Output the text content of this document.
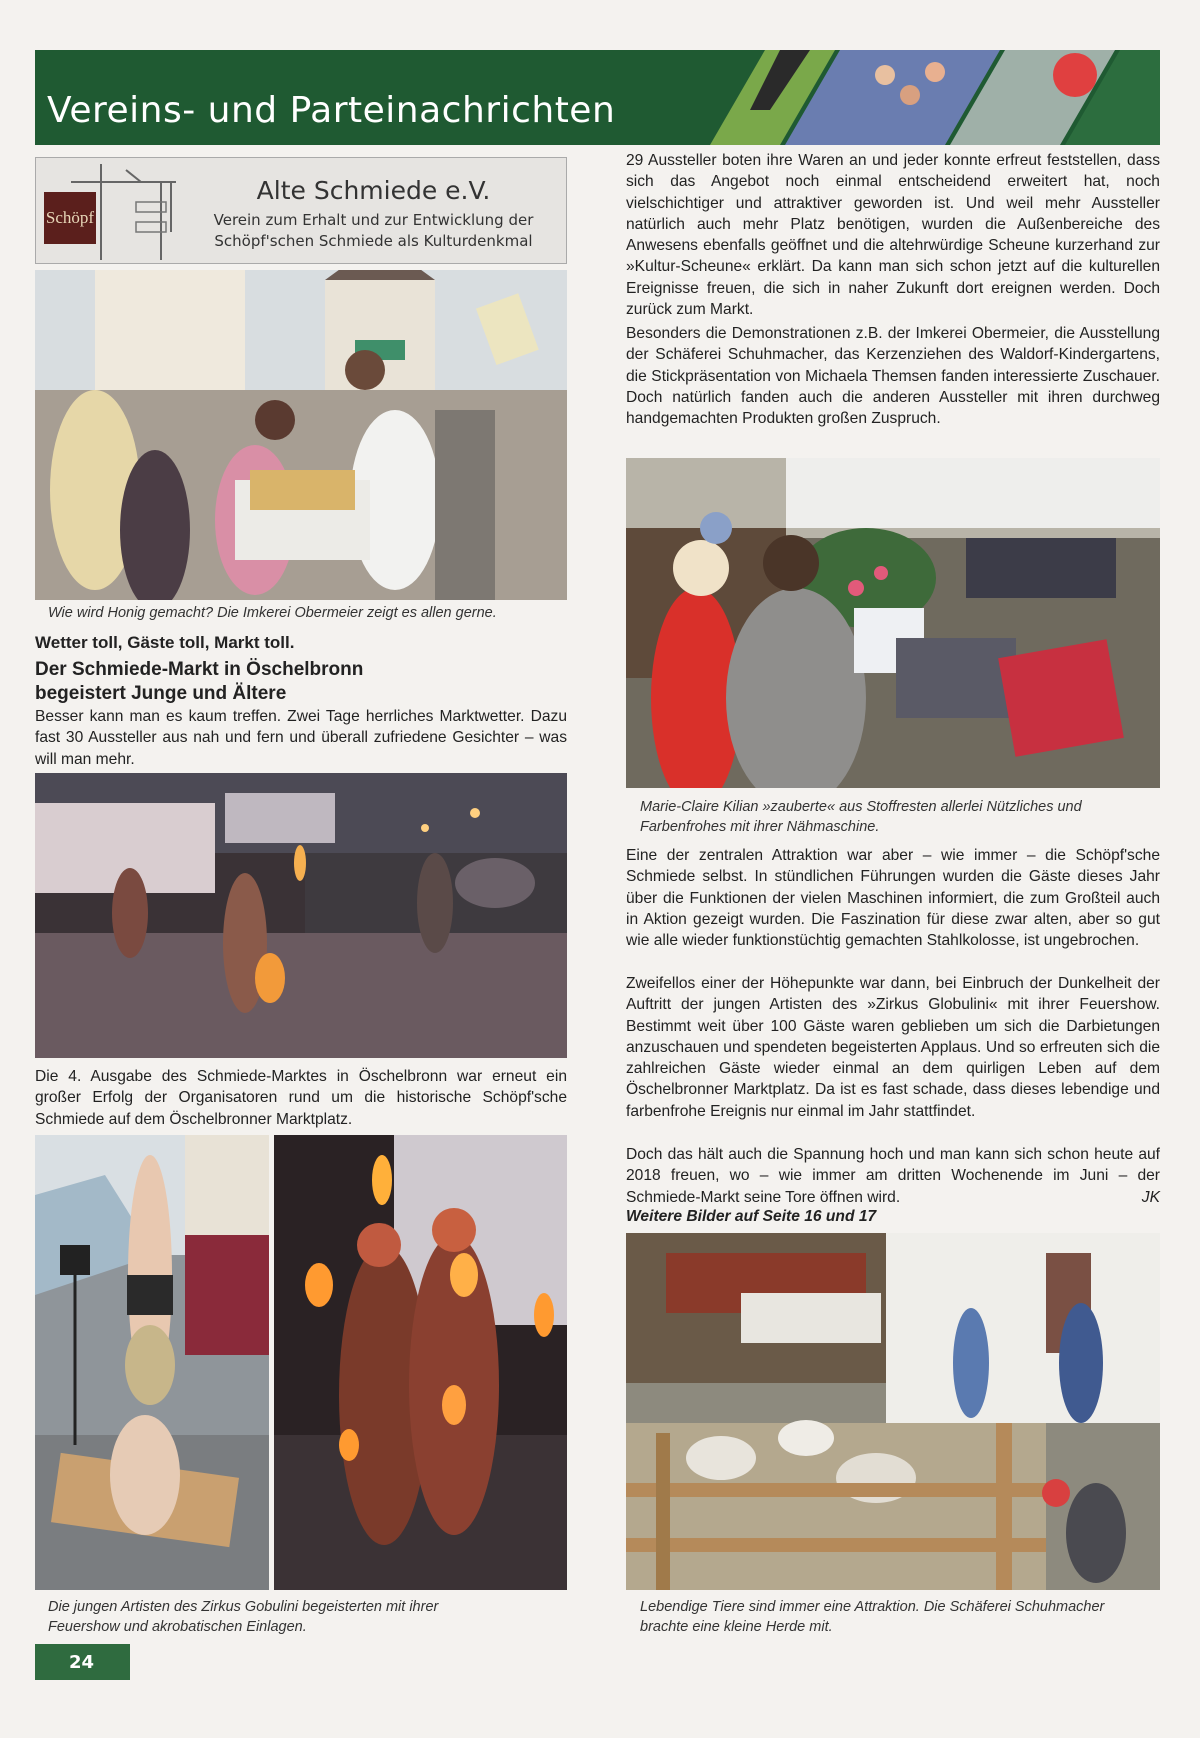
Vereins- und Parteinachrichten
Schöpf
Alte Schmiede e.V.
Verein zum Erhalt und zur Entwicklung der
Schöpf'schen Schmiede als Kulturdenkmal
Wie wird Honig gemacht? Die Imkerei Obermeier zeigt es allen gerne.
Wetter toll, Gäste toll, Markt toll.
Der Schmiede-Markt in Öschelbronn
begeistert Junge und Ältere
Besser kann man es kaum treffen. Zwei Tage herrliches Marktwetter. Dazu fast 30 Aussteller aus nah und fern und überall zufriedene Gesichter – was will man mehr.
Die 4. Ausgabe des Schmiede-Marktes in Öschelbronn war erneut ein großer Erfolg der Organisatoren rund um die historische Schöpf'sche Schmiede auf dem Öschelbronner Marktplatz.
Die jungen Artisten des Zirkus Gobulini begeisterten mit ihrer Feuershow und akrobatischen Einlagen.
29 Aussteller boten ihre Waren an und jeder konnte erfreut feststellen, dass sich das Angebot noch einmal entscheidend erweitert hat, noch vielschichtiger und attraktiver geworden ist. Und weil mehr Aussteller natürlich auch mehr Platz benötigen, wurden die Außenbereiche des Anwesens ebenfalls geöffnet und die altehrwürdige Scheune kurzerhand zur »Kultur-Scheune« erklärt. Da kann man sich schon jetzt auf die kulturellen Ereignisse freuen, die sich in naher Zukunft dort ereignen werden. Doch zurück zum Markt.
Besonders die Demonstrationen z.B. der Imkerei Obermeier, die Ausstellung der Schäferei Schuhmacher, das Kerzenziehen des Waldorf-Kindergartens, die Stickpräsentation von Michaela Themsen fanden interessierte Zuschauer. Doch natürlich fanden auch die anderen Aussteller mit ihren durchweg handgemachten Produkten großen Zuspruch.
Marie-Claire Kilian »zauberte« aus Stoffresten allerlei Nützliches und Farbenfrohes mit ihrer Nähmaschine.
Eine der zentralen Attraktion war aber – wie immer – die Schöpf'sche Schmiede selbst. In stündlichen Führungen wurden die Gäste dieses Jahr über die Funktionen der vielen Maschinen informiert, die zum Großteil auch in Aktion gezeigt wurden. Die Faszination für diese zwar alten, aber so gut wie alle wieder funktionstüchtig gemachten Stahlkolosse, ist ungebrochen.
Zweifellos einer der Höhepunkte war dann, bei Einbruch der Dunkelheit der Auftritt der jungen Artisten des »Zirkus Globulini« mit ihrer Feuershow. Bestimmt weit über 100 Gäste waren geblieben um sich die Darbietungen anzuschauen und spendeten begeisterten Applaus. Und so erfreuten sich die zahlreichen Gäste wieder einmal an dem quirligen Leben auf dem Öschelbronner Marktplatz. Da ist es fast schade, dass dieses lebendige und farbenfrohe Ereignis nur einmal im Jahr stattfindet.
Doch das hält auch die Spannung hoch und man kann sich schon heute auf 2018 freuen, wo – wie immer am dritten Wochenende im Juni – der Schmiede-Markt seine Tore öffnen wird.	JK
Weitere Bilder auf Seite 16 und 17
Lebendige Tiere sind immer eine Attraktion. Die Schäferei Schuhmacher brachte eine kleine Herde mit.
24
